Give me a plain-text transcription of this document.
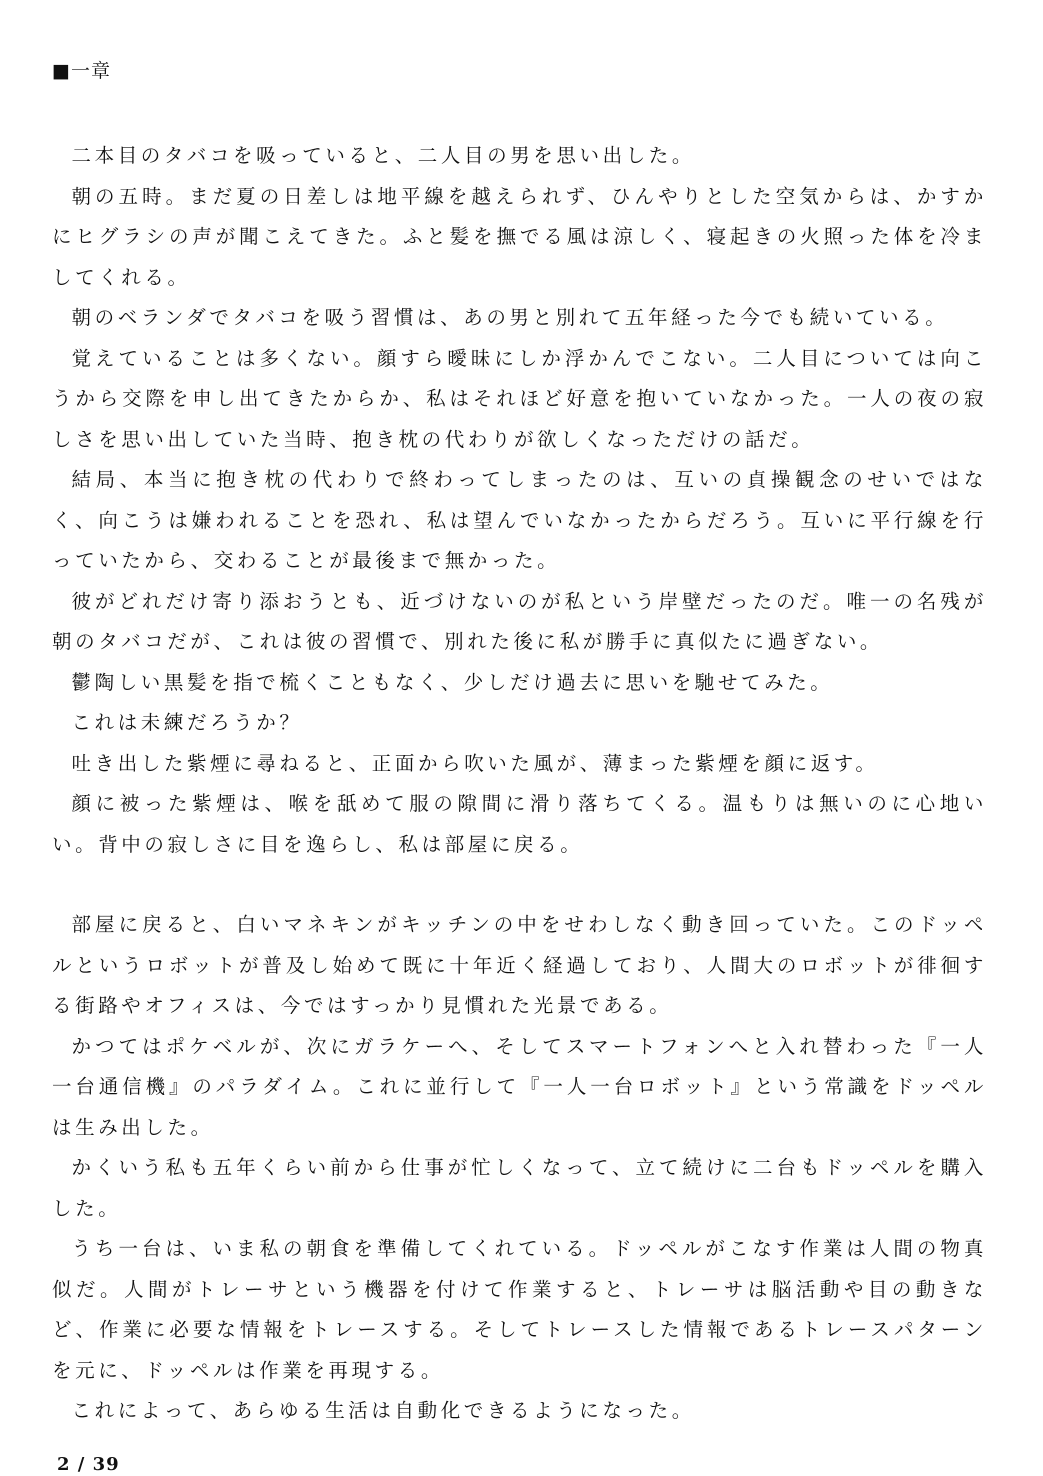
■一章

二本目のタバコを吸っていると、二人目の男を思い出した。

朝の五時。まだ夏の日差しは地平線を越えられず、ひんやりとした空気からは、かすかにヒグラシの声が聞こえてきた。ふと髪を撫でる風は涼しく、寝起きの火照った体を冷ましてくれる。

朝のベランダでタバコを吸う習慣は、あの男と別れて五年経った今でも続いている。

覚えていることは多くない。顔すら曖昧にしか浮かんでこない。二人目については向こうから交際を申し出てきたからか、私はそれほど好意を抱いていなかった。一人の夜の寂しさを思い出していた当時、抱き枕の代わりが欲しくなっただけの話だ。

結局、本当に抱き枕の代わりで終わってしまったのは、互いの貞操観念のせいではなく、向こうは嫌われることを恐れ、私は望んでいなかったからだろう。互いに平行線を行っていたから、交わることが最後まで無かった。

彼がどれだけ寄り添おうとも、近づけないのが私という岸壁だったのだ。唯一の名残が朝のタバコだが、これは彼の習慣で、別れた後に私が勝手に真似たに過ぎない。

鬱陶しい黒髪を指で梳くこともなく、少しだけ過去に思いを馳せてみた。

これは未練だろうか？

吐き出した紫煙に尋ねると、正面から吹いた風が、薄まった紫煙を顔に返す。

顔に被った紫煙は、喉を舐めて服の隙間に滑り落ちてくる。温もりは無いのに心地いい。背中の寂しさに目を逸らし、私は部屋に戻る。

部屋に戻ると、白いマネキンがキッチンの中をせわしなく動き回っていた。このドッペルというロボットが普及し始めて既に十年近く経過しており、人間大のロボットが徘徊する街路やオフィスは、今ではすっかり見慣れた光景である。

かつてはポケベルが、次にガラケーへ、そしてスマートフォンへと入れ替わった『一人一台通信機』のパラダイム。これに並行して『一人一台ロボット』という常識をドッペルは生み出した。

かくいう私も五年くらい前から仕事が忙しくなって、立て続けに二台もドッペルを購入した。

うち一台は、いま私の朝食を準備してくれている。ドッペルがこなす作業は人間の物真似だ。人間がトレーサという機器を付けて作業すると、トレーサは脳活動や目の動きなど、作業に必要な情報をトレースする。そしてトレースした情報であるトレースパターンを元に、ドッペルは作業を再現する。

これによって、あらゆる生活は自動化できるようになった。

2 / 39
